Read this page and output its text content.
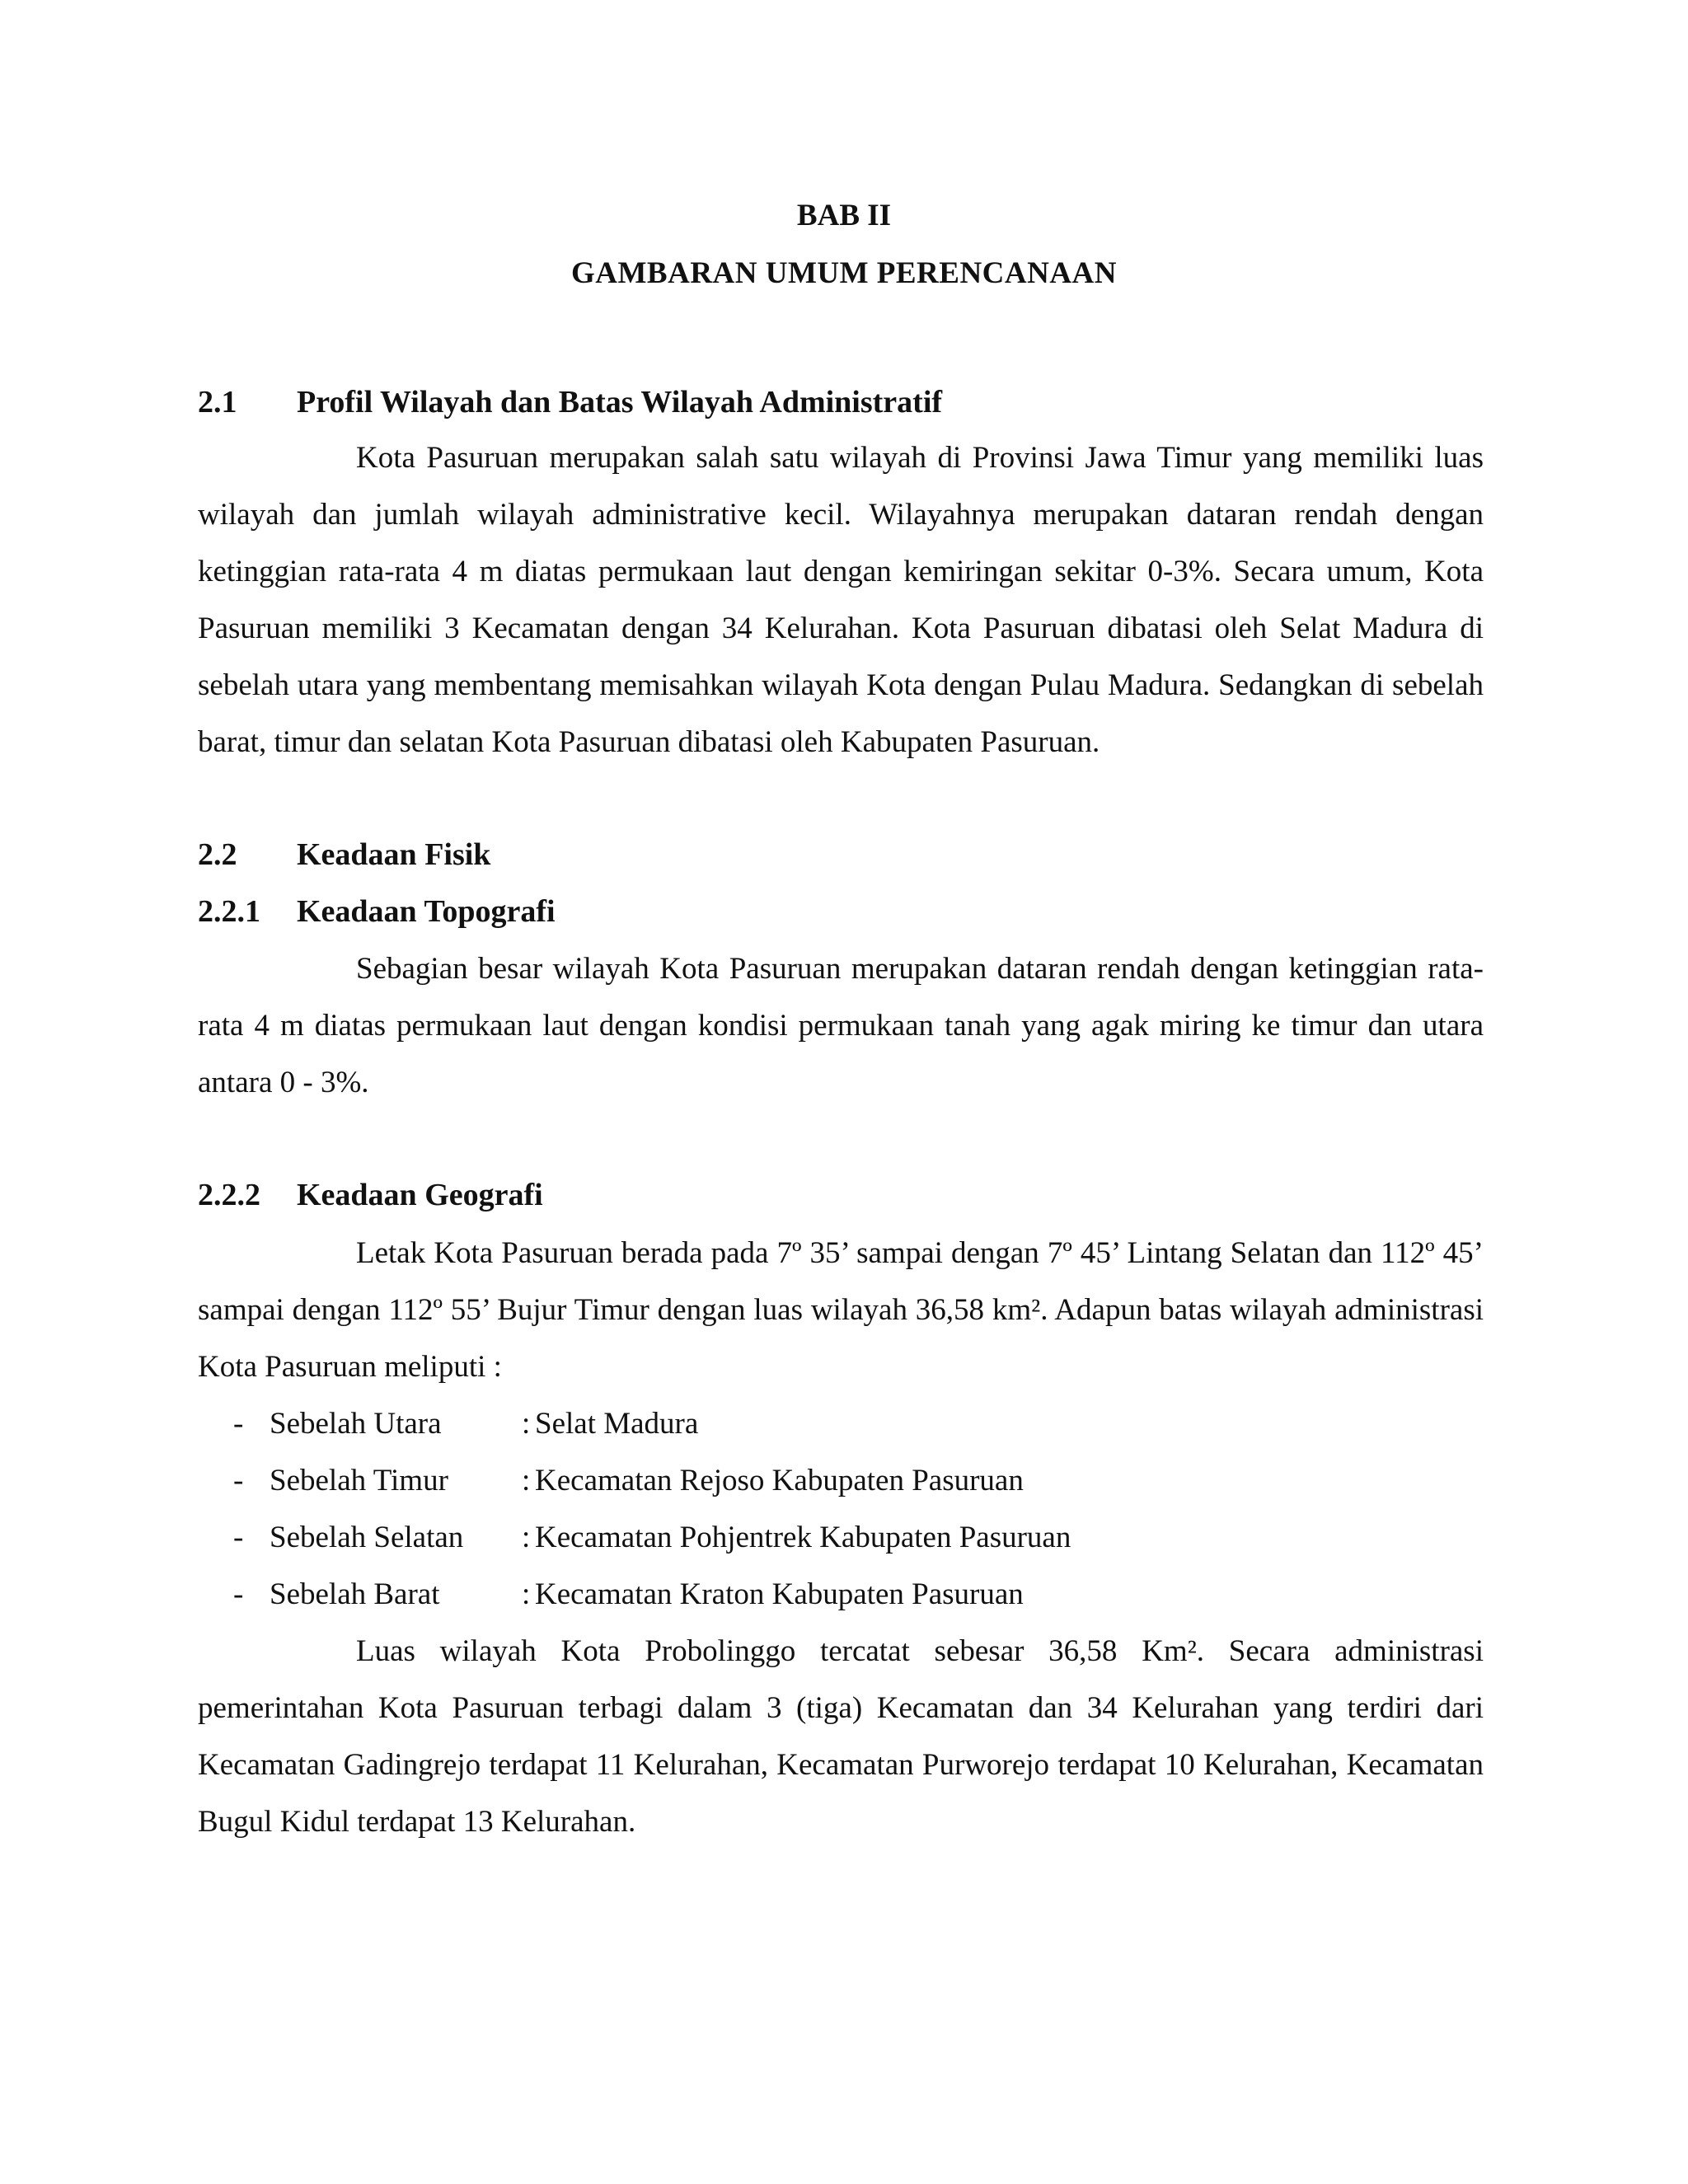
BAB II
GAMBARAN UMUM PERENCANAAN
2.1 Profil Wilayah dan Batas Wilayah Administratif

Kota Pasuruan merupakan salah satu wilayah di Provinsi Jawa Timur yang memiliki luas wilayah dan jumlah wilayah administrative kecil. Wilayahnya merupakan dataran rendah dengan ketinggian rata-rata 4 m diatas permukaan laut dengan kemiringan sekitar 0-3%. Secara umum, Kota Pasuruan memiliki 3 Kecamatan dengan 34 Kelurahan. Kota Pasuruan dibatasi oleh Selat Madura di sebelah utara yang membentang memisahkan wilayah Kota dengan Pulau Madura. Sedangkan di sebelah barat, timur dan selatan Kota Pasuruan dibatasi oleh Kabupaten Pasuruan.

2.2 Keadaan Fisik
2.2.1 Keadaan Topografi

Sebagian besar wilayah Kota Pasuruan merupakan dataran rendah dengan ketinggian rata-rata 4 m diatas permukaan laut dengan kondisi permukaan tanah yang agak miring ke timur dan utara antara 0 - 3%.

2.2.2 Keadaan Geografi

Letak Kota Pasuruan berada pada 7º 35’ sampai dengan 7º 45’ Lintang Selatan dan 112º 45’ sampai dengan 112º 55’ Bujur Timur dengan luas wilayah 36,58 km². Adapun batas wilayah administrasi Kota Pasuruan meliputi :

- Sebelah Utara	: Selat Madura
- Sebelah Timur	: Kecamatan Rejoso Kabupaten Pasuruan
- Sebelah Selatan	: Kecamatan Pohjentrek Kabupaten Pasuruan
- Sebelah Barat	: Kecamatan Kraton Kabupaten Pasuruan

Luas wilayah Kota Probolinggo tercatat sebesar 36,58 Km². Secara administrasi pemerintahan Kota Pasuruan terbagi dalam 3 (tiga) Kecamatan dan 34 Kelurahan yang terdiri dari Kecamatan Gadingrejo terdapat 11 Kelurahan, Kecamatan Purworejo terdapat 10 Kelurahan, Kecamatan Bugul Kidul terdapat 13 Kelurahan.
